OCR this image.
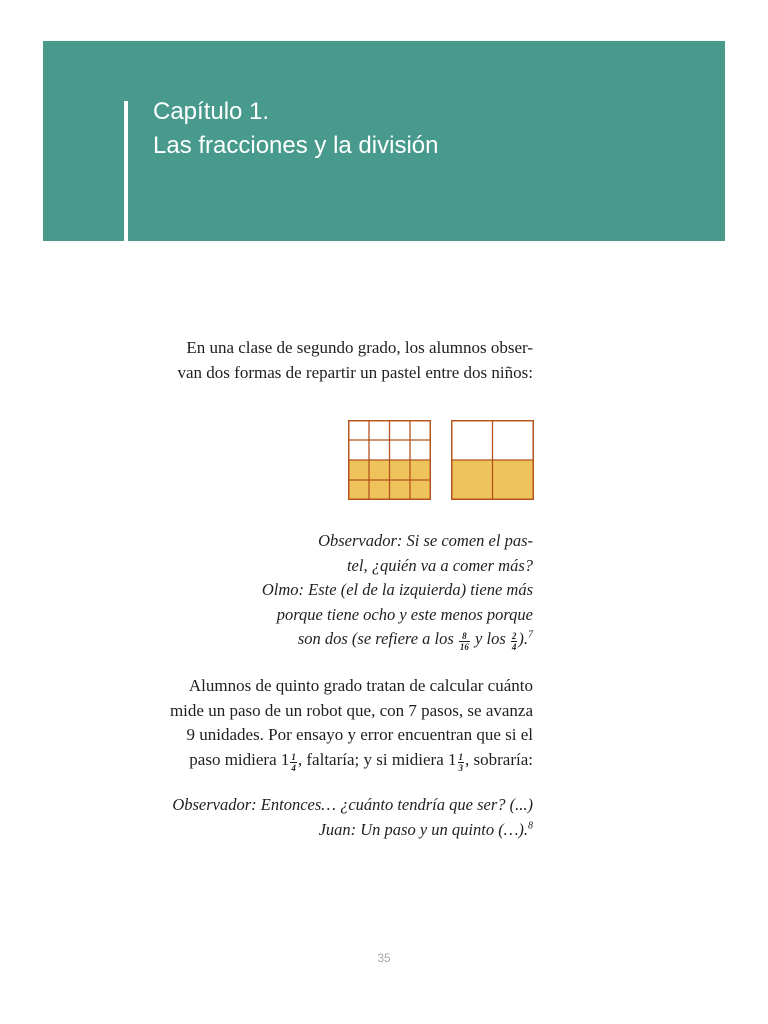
Capítulo 1.
Las fracciones y la división
En una clase de segundo grado, los alumnos obser-
van dos formas de repartir un pastel entre dos niños:
Observador: Si se comen el pas-
tel, ¿quién va a comer más?
Olmo: Este (el de la izquierda) tiene más
porque tiene ocho y este menos porque
son dos (se refiere a los $\frac{8}{16}$ y los $\frac{2}{4} ).^7$
Alumnos de quinto grado tratan de calcular cuánto
mide un paso de un robot que, con 7 pasos, se avanza
9 unidades. Por ensayo y error encuentran que si el
paso midiera $1 \frac{1}{4}$ , faltaría; y si midiera $1 \frac{1}{3}$ , sobraría:
Observador: Entonces… ¿cuánto tendría que ser? (...)
Juan: Un paso y un quinto (…).$^8$
35
